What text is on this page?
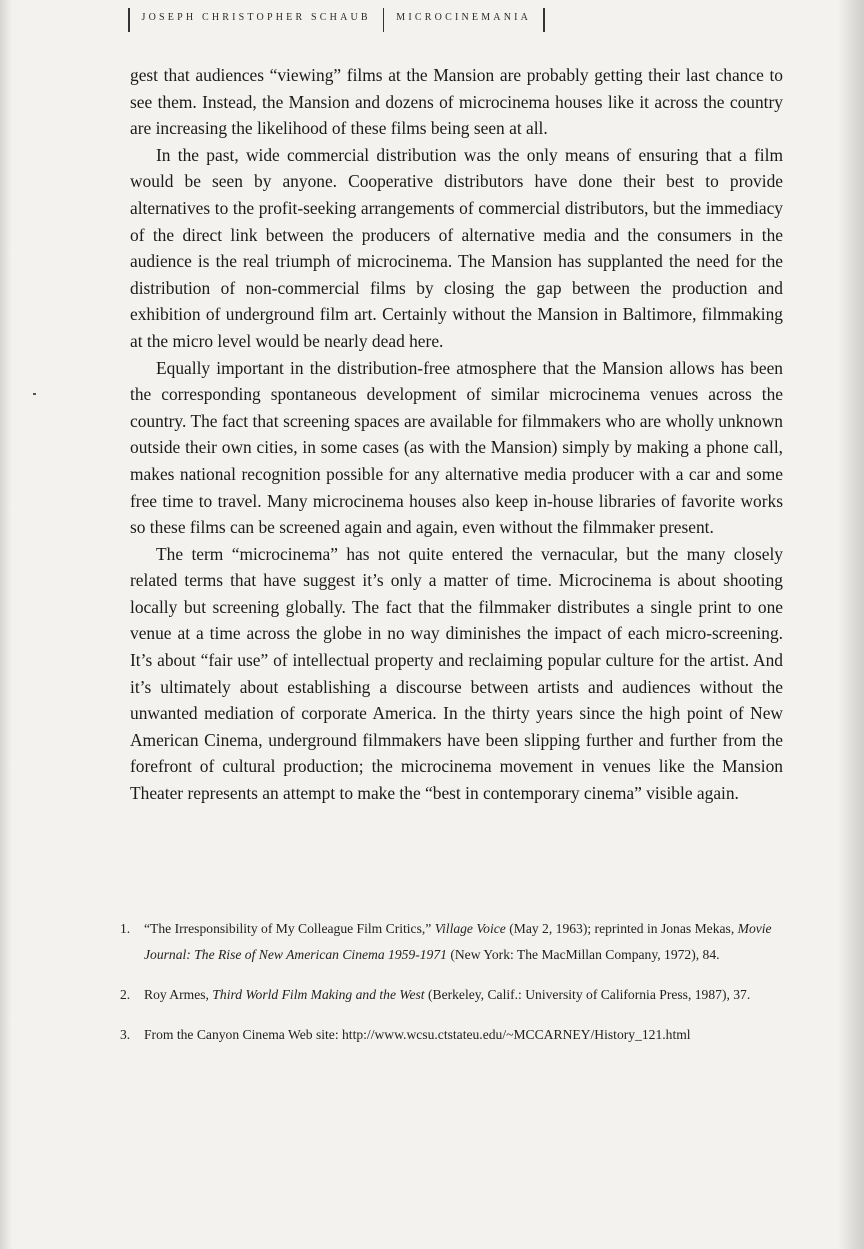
JOSEPH CHRISTOPHER SCHAUB	MICROCINEMANIA

gest that audiences “viewing” films at the Mansion are probably getting their last chance to see them. Instead, the Mansion and dozens of microcinema houses like it across the country are increasing the likelihood of these films being seen at all.

In the past, wide commercial distribution was the only means of ensuring that a film would be seen by anyone. Cooperative distributors have done their best to provide alternatives to the profit-seeking arrangements of commercial distributors, but the immediacy of the direct link between the producers of alternative media and the consumers in the audience is the real triumph of microcinema. The Mansion has supplanted the need for the distribution of non-commercial films by closing the gap between the production and exhibition of underground film art. Certainly without the Mansion in Baltimore, filmmaking at the micro level would be nearly dead here.

Equally important in the distribution-free atmosphere that the Mansion allows has been the corresponding spontaneous development of similar microcinema venues across the country. The fact that screening spaces are available for filmmakers who are wholly unknown outside their own cities, in some cases (as with the Mansion) simply by making a phone call, makes national recognition possible for any alternative media producer with a car and some free time to travel. Many microcinema houses also keep in-house libraries of favorite works so these films can be screened again and again, even without the filmmaker present.

The term “microcinema” has not quite entered the vernacular, but the many closely related terms that have suggest it’s only a matter of time. Microcinema is about shooting locally but screening globally. The fact that the filmmaker distributes a single print to one venue at a time across the globe in no way diminishes the impact of each micro-screening. It’s about “fair use” of intellectual property and reclaiming popular culture for the artist. And it’s ultimately about establishing a discourse between artists and audiences without the unwanted mediation of corporate America. In the thirty years since the high point of New American Cinema, underground filmmakers have been slipping further and further from the forefront of cultural production; the microcinema movement in venues like the Mansion Theater represents an attempt to make the “best in contemporary cinema” visible again.

1.	“The Irresponsibility of My Colleague Film Critics,” Village Voice (May 2, 1963); reprinted in Jonas Mekas, Movie Journal: The Rise of New American Cinema 1959-1971 (New York: The MacMillan Company, 1972), 84.
2.	Roy Armes, Third World Film Making and the West (Berkeley, Calif.: University of California Press, 1987), 37.
3.	From the Canyon Cinema Web site: http://www.wcsu.ctstateu.edu/~MCCARNEY/History_121.html
